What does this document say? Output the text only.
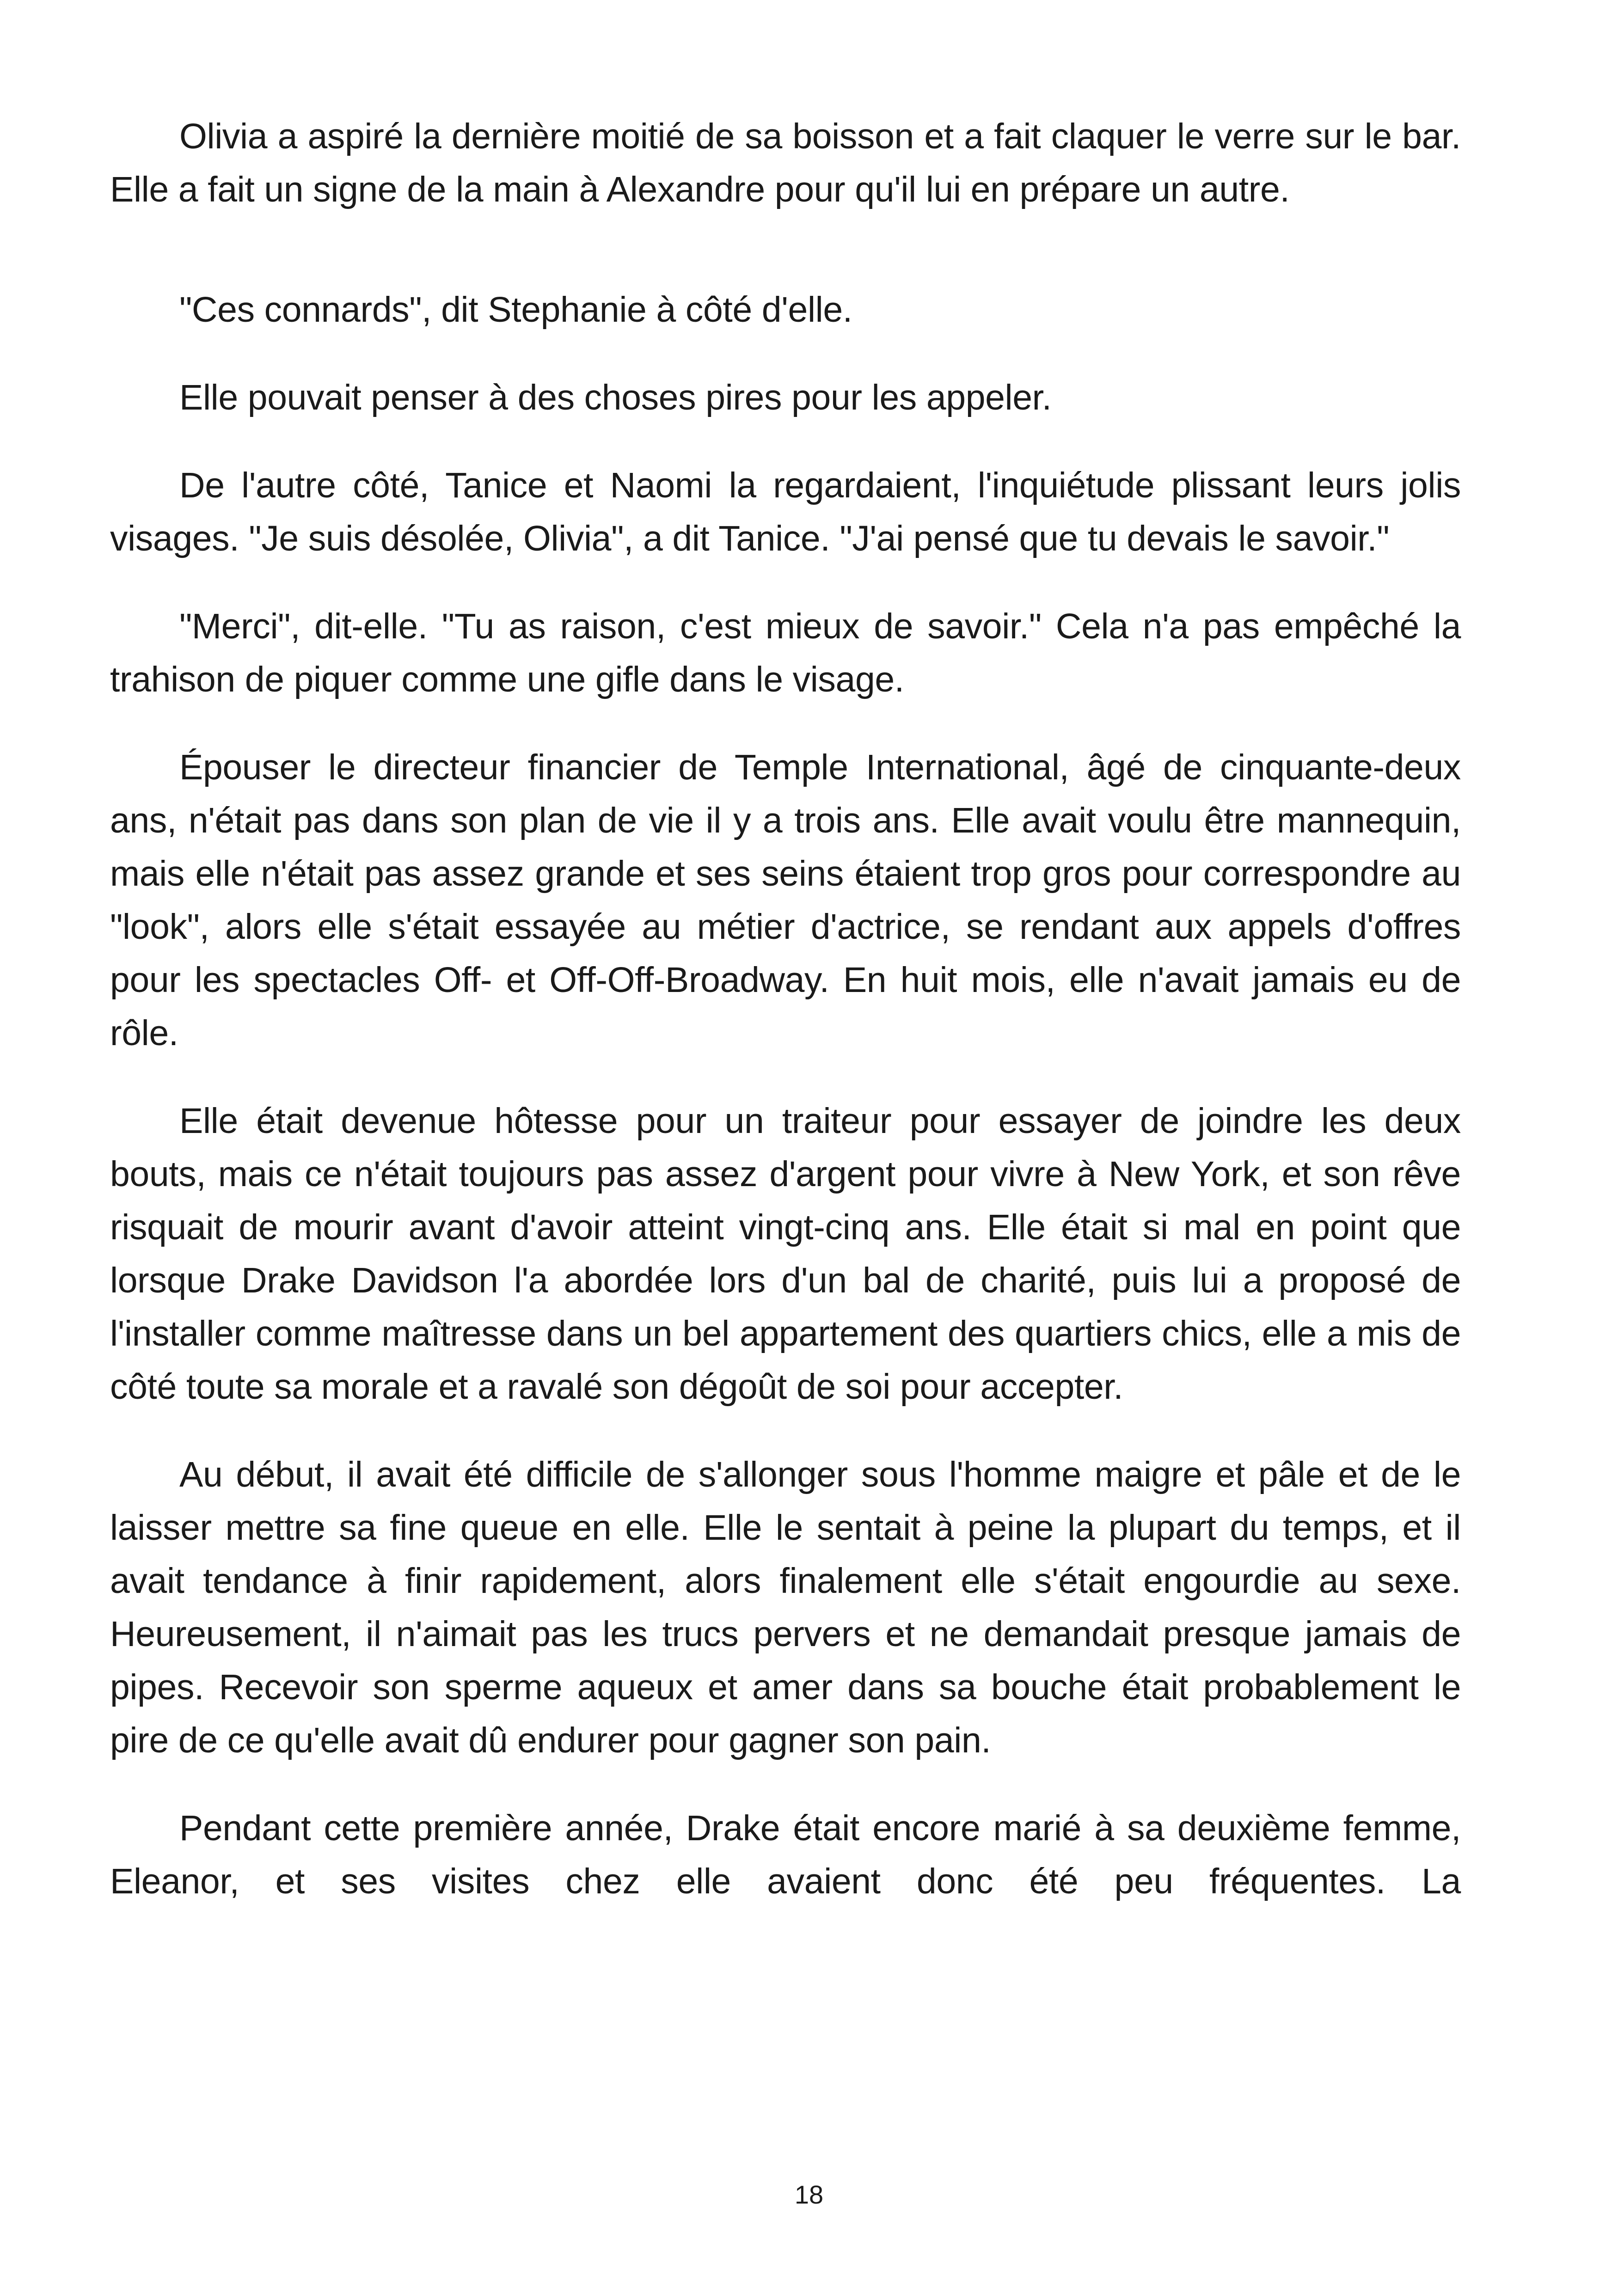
Olivia a aspiré la dernière moitié de sa boisson et a fait claquer le verre sur le bar. Elle a fait un signe de la main à Alexandre pour qu'il lui en prépare un autre.

"Ces connards", dit Stephanie à côté d'elle.

Elle pouvait penser à des choses pires pour les appeler.

De l'autre côté, Tanice et Naomi la regardaient, l'inquiétude plissant leurs jolis visages. "Je suis désolée, Olivia", a dit Tanice. "J'ai pensé que tu devais le savoir."

"Merci", dit-elle. "Tu as raison, c'est mieux de savoir." Cela n'a pas empêché la trahison de piquer comme une gifle dans le visage.

Épouser le directeur financier de Temple International, âgé de cinquante-deux ans, n'était pas dans son plan de vie il y a trois ans. Elle avait voulu être mannequin, mais elle n'était pas assez grande et ses seins étaient trop gros pour correspondre au "look", alors elle s'était essayée au métier d'actrice, se rendant aux appels d'offres pour les spectacles Off- et Off-Off-Broadway. En huit mois, elle n'avait jamais eu de rôle.

Elle était devenue hôtesse pour un traiteur pour essayer de joindre les deux bouts, mais ce n'était toujours pas assez d'argent pour vivre à New York, et son rêve risquait de mourir avant d'avoir atteint vingt-cinq ans. Elle était si mal en point que lorsque Drake Davidson l'a abordée lors d'un bal de charité, puis lui a proposé de l'installer comme maîtresse dans un bel appartement des quartiers chics, elle a mis de côté toute sa morale et a ravalé son dégoût de soi pour accepter.

Au début, il avait été difficile de s'allonger sous l'homme maigre et pâle et de le laisser mettre sa fine queue en elle. Elle le sentait à peine la plupart du temps, et il avait tendance à finir rapidement, alors finalement elle s'était engourdie au sexe. Heureusement, il n'aimait pas les trucs pervers et ne demandait presque jamais de pipes. Recevoir son sperme aqueux et amer dans sa bouche était probablement le pire de ce qu'elle avait dû endurer pour gagner son pain.

Pendant cette première année, Drake était encore marié à sa deuxième femme, Eleanor, et ses visites chez elle avaient donc été peu fréquentes. La

18
